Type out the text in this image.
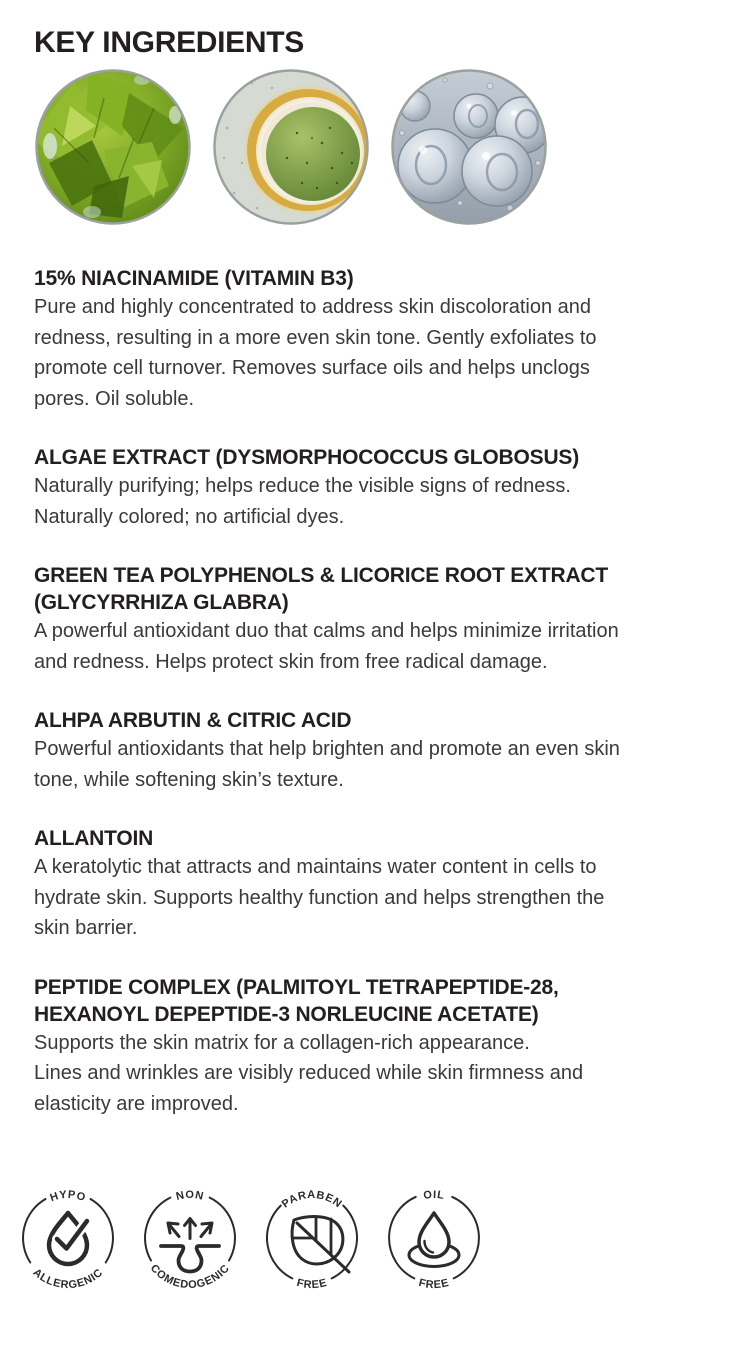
KEY INGREDIENTS
15% NIACINAMIDE (VITAMIN B3)
Pure and highly concentrated to address skin discoloration and
redness, resulting in a more even skin tone. Gently exfoliates to
promote cell turnover. Removes surface oils and helps unclogs
pores. Oil soluble.
ALGAE EXTRACT (DYSMORPHOCOCCUS GLOBOSUS)
Naturally purifying; helps reduce the visible signs of redness.
Naturally colored; no artificial dyes.
GREEN TEA POLYPHENOLS & LICORICE ROOT EXTRACT
(GLYCYRRHIZA GLABRA)
A powerful antioxidant duo that calms and helps minimize irritation
and redness. Helps protect skin from free radical damage.
ALHPA ARBUTIN & CITRIC ACID
Powerful antioxidants that help brighten and promote an even skin
tone, while softening skin’s texture.
ALLANTOIN
A keratolytic that attracts and maintains water content in cells to
hydrate skin. Supports healthy function and helps strengthen the
skin barrier.
PEPTIDE COMPLEX (PALMITOYL TETRAPEPTIDE-28,
HEXANOYL DEPEPTIDE-3 NORLEUCINE ACETATE)
Supports the skin matrix for a collagen-rich appearance.
Lines and wrinkles are visibly reduced while skin firmness and
elasticity are improved.
HYPO
ALLERGENIC
NON
COMEDOGENIC
PARABEN
FREE
OIL
FREE
